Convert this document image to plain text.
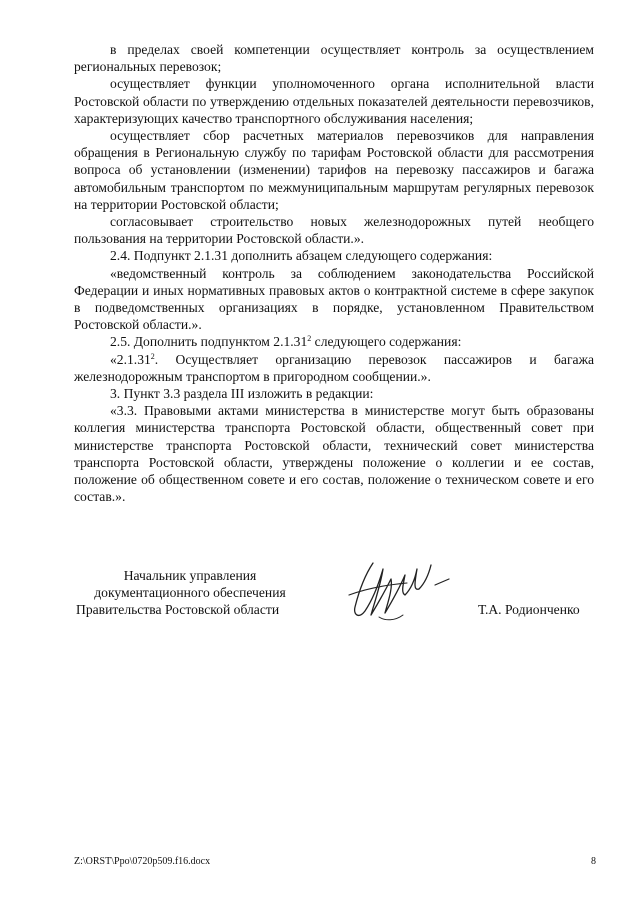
в пределах своей компетенции осуществляет контроль за осуществлением региональных перевозок;

осуществляет функции уполномоченного органа исполнительной власти Ростовской области по утверждению отдельных показателей деятельности перевозчиков, характеризующих качество транспортного обслуживания населения;

осуществляет сбор расчетных материалов перевозчиков для направления обращения в Региональную службу по тарифам Ростовской области для рассмотрения вопроса об установлении (изменении) тарифов на перевозку пассажиров и багажа автомобильным транспортом по межмуниципальным маршрутам регулярных перевозок на территории Ростовской области;

согласовывает строительство новых железнодорожных путей необщего пользования на территории Ростовской области.».

2.4. Подпункт 2.1.31 дополнить абзацем следующего содержания:

«ведомственный контроль за соблюдением законодательства Российской Федерации и иных нормативных правовых актов о контрактной системе в сфере закупок в подведомственных организациях в порядке, установленном Правительством Ростовской области.».

2.5. Дополнить подпунктом 2.1.31$^2$ следующего содержания:

«2.1.31$^2$. Осуществляет организацию перевозок пассажиров и багажа железнодорожным транспортом в пригородном сообщении.».

3. Пункт 3.3 раздела III изложить в редакции:

«3.3. Правовыми актами министерства в министерстве могут быть образованы коллегия министерства транспорта Ростовской области, общественный совет при министерстве транспорта Ростовской области, технический совет министерства транспорта Ростовской области, утверждены положение о коллегии и ее состав, положение об общественном совете и его состав, положение о техническом совете и его состав.».

Начальник управления
документационного обеспечения
Правительства Ростовской области	Т.А. Родионченко
Z:\ORST\Ppo\0720p509.f16.docx	8
